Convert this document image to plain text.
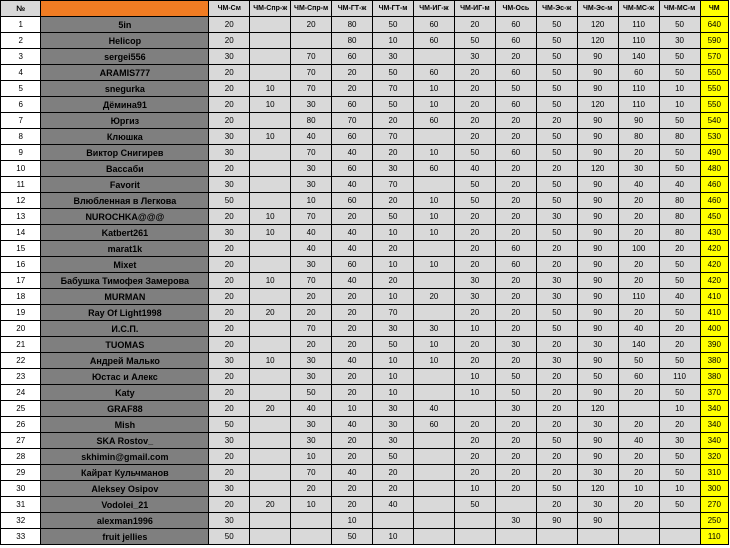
№		ЧМ-См	ЧМ-Спр-ж	ЧМ-Спр-м	ЧМ-ГТ-ж	ЧМ-ГТ-м	ЧМ-ИГ-ж	ЧМ-ИГ-м	ЧМ-Ось	ЧМ-Эс-ж	ЧМ-Эс-м	ЧМ-МС-ж	ЧМ-МС-м	ЧМ
1	5in	20		20	80	50	60	20	60	50	120	110	50	640
2	Helicop	20			80	10	60	50	60	50	120	110	30	590
3	sergei556	30		70	60	30		30	20	50	90	140	50	570
4	ARAMIS777	20		70	20	50	60	20	60	50	90	60	50	550
5	snegurka	20	10	70	20	70	10	20	50	50	90	110	10	550
6	Дёмина91	20	10	30	60	50	10	20	60	50	120	110	10	550
7	Юргиз	20		80	70	20	60	20	20	20	90	90	50	540
8	Клюшка	30	10	40	60	70		20	20	50	90	80	80	530
9	Виктор Снигирев	30		70	40	20	10	50	60	50	90	20	50	490
10	Вассаби	20		30	60	30	60	40	20	20	120	30	50	480
11	Favorit	30		30	40	70		50	20	50	90	40	40	460
12	Влюбленная в Легкова	50		10	60	20	10	50	20	50	90	20	80	460
13	NUROCHKA@@@	20	10	70	20	50	10	20	20	30	90	20	80	450
14	Katbert261	30	10	40	40	10	10	20	20	50	90	20	80	430
15	marat1k	20		40	40	20		20	60	20	90	100	20	420
16	Mixet	20		30	60	10	10	20	60	20	90	20	50	420
17	Бабушка Тимофея Замерова	20	10	70	40	20		30	20	30	90	20	50	420
18	MURMAN	20		20	20	10	20	30	20	30	90	110	40	410
19	Ray Of Light1998	20	20	20	20	70		20	20	50	90	20	50	410
20	И.С.П.	20		70	20	30	30	10	20	50	90	40	20	400
21	TUOMAS	20		20	20	50	10	20	30	20	30	140	20	390
22	Андрей Малько	30	10	30	40	10	10	20	20	30	90	50	50	380
23	Юстас и Алекс	20		30	20	10		10	50	20	50	60	110	380
24	Katy	20		50	20	10		10	50	20	90	20	50	370
25	GRAF88	20	20	40	10	30	40		30	20	120		10	340
26	Mish	50		30	40	30	60	20	20	20	30	20	20	340
27	SKA Rostov_	30		30	20	30		20	20	50	90	40	30	340
28	skhimin@gmail.com	20		10	20	50		20	20	20	90	20	50	320
29	Кайрат Кульчманов	20		70	40	20		20	20	20	30	20	50	310
30	Aleksey Osipov	30		20	20	20		10	20	50	120	10	10	300
31	Vodolei_21	20	20	10	20	40		50		20	30	20	50	270
32	alexman1996	30			10				30	90	90			250
33	fruit jellies	50			50	10								110
